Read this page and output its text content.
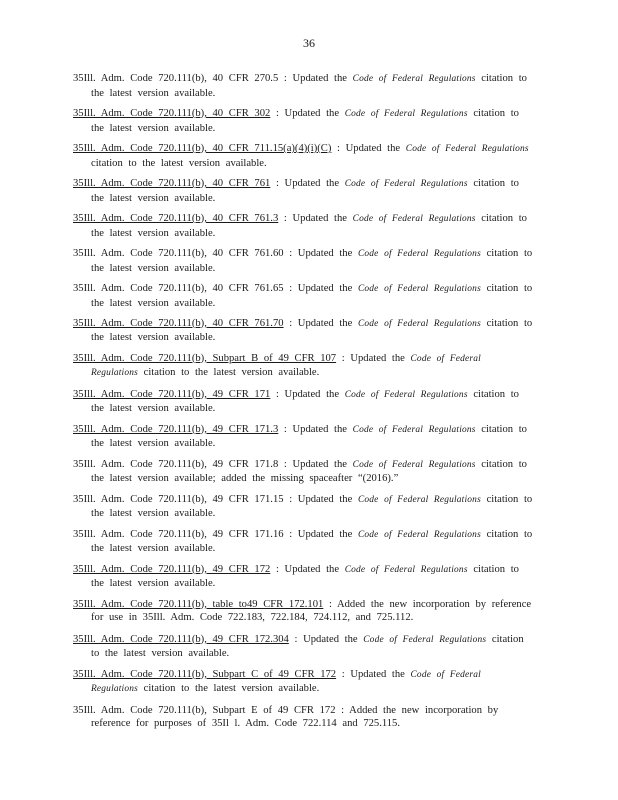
36

35Ill. Adm. Code 720.111(b), 40 CFR 270.5 : Updated the Code of Federal Regulations citation to the latest version available.

35Ill. Adm. Code 720.111(b), 40 CFR 302 : Updated the Code of Federal Regulations citation to the latest version available.

35Ill. Adm. Code 720.111(b), 40 CFR 711.15(a)(4)(i)(C) : Updated the Code of Federal Regulations citation to the latest version available.

35Ill. Adm. Code 720.111(b), 40 CFR 761 : Updated the Code of Federal Regulations citation to the latest version available.

35Ill. Adm. Code 720.111(b), 40 CFR 761.3 : Updated the Code of Federal Regulations citation to the latest version available.

35Ill. Adm. Code 720.111(b), 40 CFR 761.60 : Updated the Code of Federal Regulations citation to the latest version available.

35Ill. Adm. Code 720.111(b), 40 CFR 761.65 : Updated the Code of Federal Regulations citation to the latest version available.

35Ill. Adm. Code 720.111(b), 40 CFR 761.70 : Updated the Code of Federal Regulations citation to the latest version available.

35Ill. Adm. Code 720.111(b), Subpart B of 49 CFR 107 : Updated the Code of Federal Regulations citation to the latest version available.

35Ill. Adm. Code 720.111(b), 49 CFR 171 : Updated the Code of Federal Regulations citation to the latest version available.

35Ill. Adm. Code 720.111(b), 49 CFR 171.3 : Updated the Code of Federal Regulations citation to the latest version available.

35Ill. Adm. Code 720.111(b), 49 CFR 171.8 : Updated the Code of Federal Regulations citation to the latest version available; added the missing spaceafter “(2016).”

35Ill. Adm. Code 720.111(b), 49 CFR 171.15 : Updated the Code of Federal Regulations citation to the latest version available.

35Ill. Adm. Code 720.111(b), 49 CFR 171.16 : Updated the Code of Federal Regulations citation to the latest version available.

35Ill. Adm. Code 720.111(b), 49 CFR 172 : Updated the Code of Federal Regulations citation to the latest version available.

35Ill. Adm. Code 720.111(b), table to49 CFR 172.101 : Added the new incorporation by reference for use in 35Ill. Adm. Code 722.183, 722.184, 724.112, and 725.112.

35Ill. Adm. Code 720.111(b), 49 CFR 172.304 : Updated the Code of Federal Regulations citation to the latest version available.

35Ill. Adm. Code 720.111(b), Subpart C of 49 CFR 172 : Updated the Code of Federal Regulations citation to the latest version available.

35Ill. Adm. Code 720.111(b), Subpart E of 49 CFR 172 : Added the new incorporation by reference for purposes of 35Il l. Adm. Code 722.114 and 725.115.
